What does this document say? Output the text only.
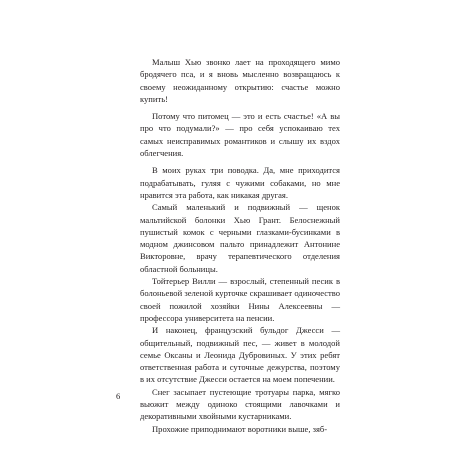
Малыш Хью звонко лает на проходящего мимо бродячего пса, и я вновь мысленно возвращаюсь к своему неожиданному открытию: счастье можно купить!

Потому что питомец — это и есть счастье! «А вы про что подумали?» — про себя успокаиваю тех самых неисправимых романтиков и слышу их вздох облегчения.

В моих руках три поводка. Да, мне приходится подрабатывать, гуляя с чужими собаками, но мне нравится эта работа, как никакая другая.

Самый маленький и подвижный — щенок мальтийской болонки Хью Грант. Белоснежный пушистый комок с черными глазками-бусинками в модном джинсовом пальто принадлежит Антонине Викторовне, врачу терапевтического отделения областной больницы.

Тойтерьер Вилли — взрослый, степенный песик в болоньевой зеленой курточке скрашивает одиночество своей пожилой хозяйки Нины Алексеевны — профессора университета на пенсии.

И наконец, французский бульдог Джесси — общительный, подвижный пес, — живет в молодой семье Оксаны и Леонида Дубровиных. У этих ребят ответственная работа и суточные дежурства, поэтому в их отсутствие Джесси остается на моем попечении.

Снег засыпает пустеющие тротуары парка, мягко вьюжит между одиноко стоящими лавочками и декоративными хвойными кустарниками.

Прохожие приподнимают воротники выше, зяб-

6
